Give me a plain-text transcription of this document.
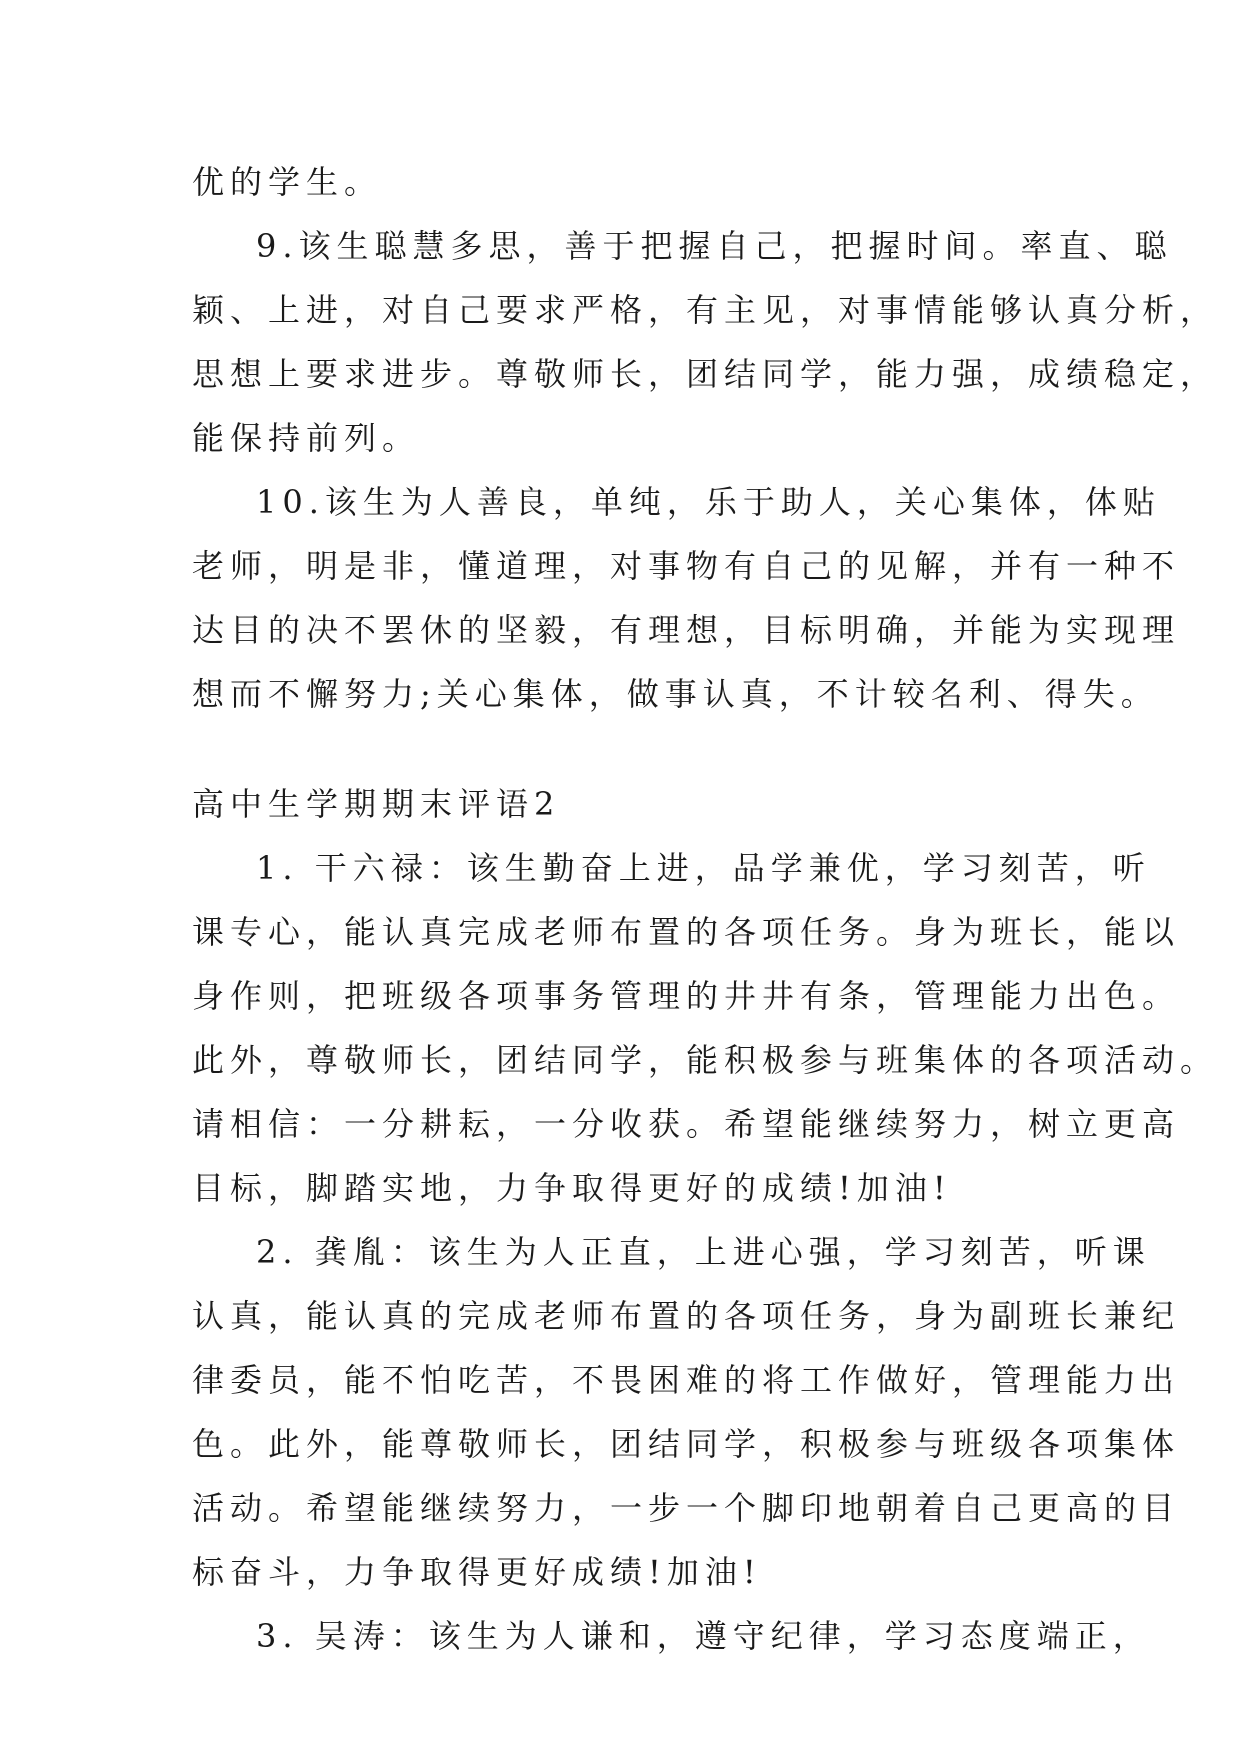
优的学生。
9.该生聪慧多思，善于把握自己，把握时间。率直、聪
颖、上进，对自己要求严格，有主见，对事情能够认真分析，
思想上要求进步。尊敬师长，团结同学，能力强，成绩稳定，
能保持前列。
10.该生为人善良，单纯，乐于助人，关心集体，体贴
老师，明是非，懂道理，对事物有自己的见解，并有一种不
达目的决不罢休的坚毅，有理想，目标明确，并能为实现理
想而不懈努力;关心集体，做事认真，不计较名利、得失。
高中生学期期末评语2
1. 干六禄：该生勤奋上进，品学兼优，学习刻苦，听
课专心，能认真完成老师布置的各项任务。身为班长，能以
身作则，把班级各项事务管理的井井有条，管理能力出色。
此外，尊敬师长，团结同学，能积极参与班集体的各项活动。
请相信：一分耕耘，一分收获。希望能继续努力，树立更高
目标，脚踏实地，力争取得更好的成绩!加油!
2. 龚胤：该生为人正直，上进心强，学习刻苦，听课
认真，能认真的完成老师布置的各项任务，身为副班长兼纪
律委员，能不怕吃苦，不畏困难的将工作做好，管理能力出
色。此外，能尊敬师长，团结同学，积极参与班级各项集体
活动。希望能继续努力，一步一个脚印地朝着自己更高的目
标奋斗，力争取得更好成绩!加油!
3. 吴涛：该生为人谦和，遵守纪律，学习态度端正，
